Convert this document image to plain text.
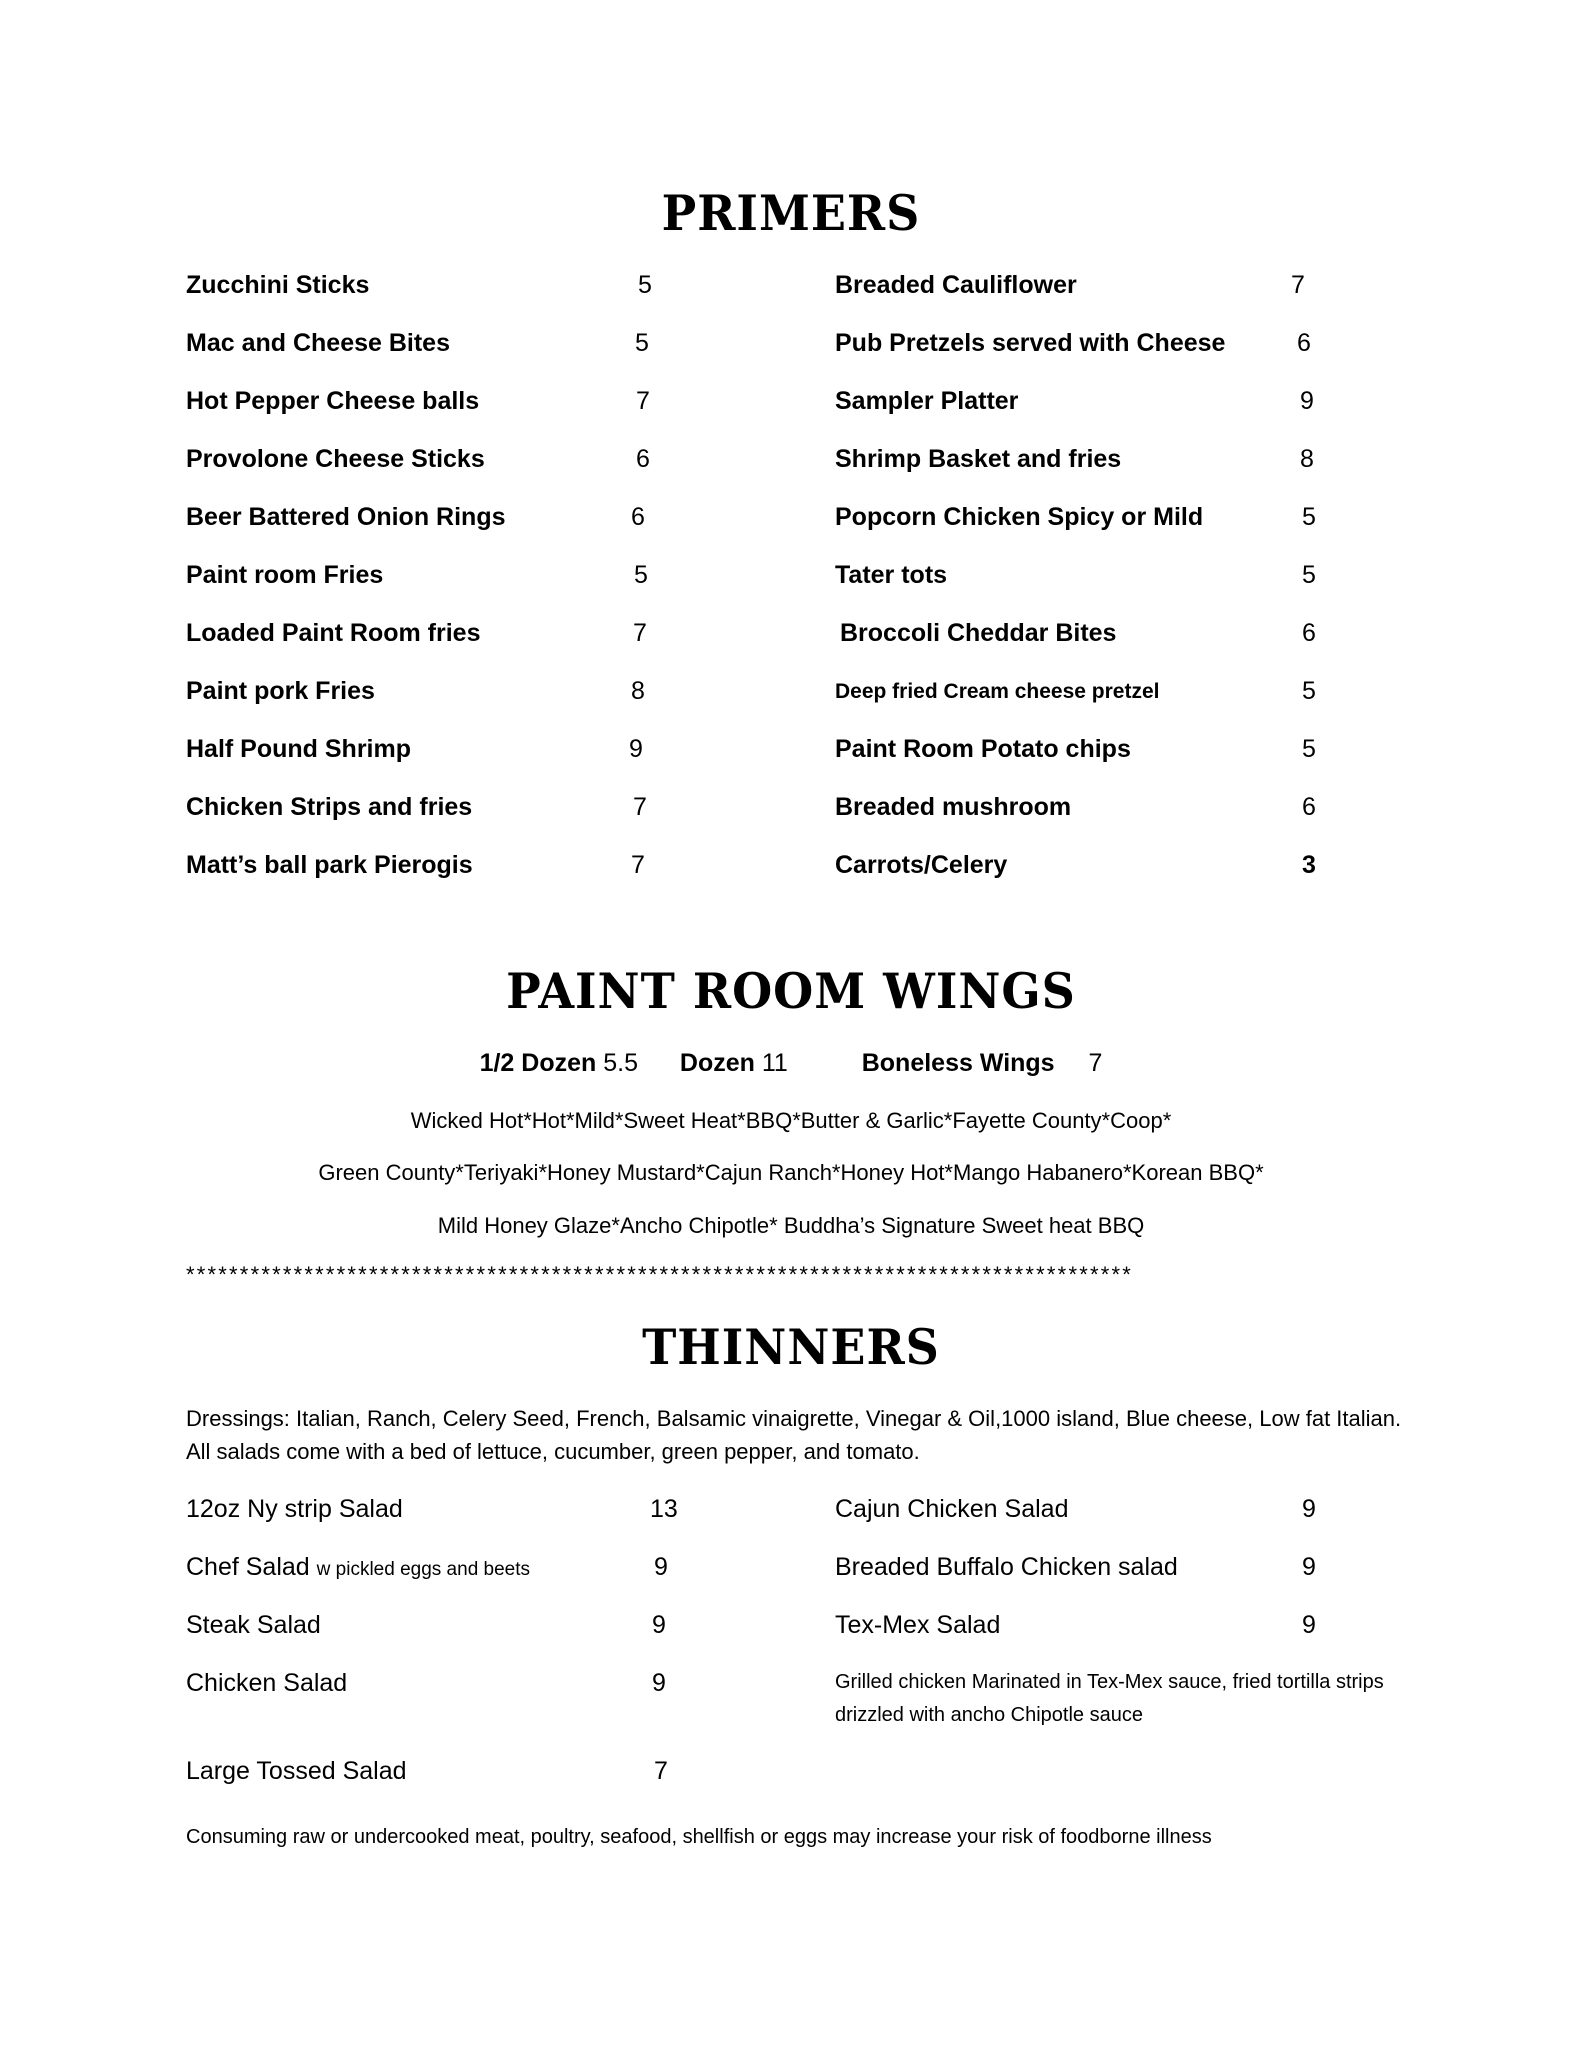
PRIMERS
Zucchini Sticks	5
Mac and Cheese Bites	5
Hot Pepper Cheese balls	7
Provolone Cheese Sticks	6
Beer Battered Onion Rings	6
Paint room Fries	5
Loaded Paint Room fries	7
Paint pork Fries	8
Half Pound Shrimp	9
Chicken Strips and fries	7
Matt’s ball park Pierogis	7
Breaded Cauliflower	7
Pub Pretzels served with Cheese	6
Sampler Platter	9
Shrimp Basket and fries	8
Popcorn Chicken Spicy or Mild	5
Tater tots	5
Broccoli Cheddar Bites	6
Deep fried Cream cheese pretzel	5
Paint Room Potato chips	5
Breaded mushroom	6
Carrots/Celery	3
PAINT ROOM WINGS
1/2 Dozen 5.5 Dozen 11	Boneless Wings 7
Wicked Hot*Hot*Mild*Sweet Heat*BBQ*Butter & Garlic*Fayette County*Coop*
Green County*Teriyaki*Honey Mustard*Cajun Ranch*Honey Hot*Mango Habanero*Korean BBQ*
Mild Honey Glaze*Ancho Chipotle* Buddha’s Signature Sweet heat BBQ
****************************************************************************************
THINNERS
Dressings: Italian, Ranch, Celery Seed, French, Balsamic vinaigrette, Vinegar & Oil,1000 island, Blue cheese, Low fat Italian. All salads come with a bed of lettuce, cucumber, green pepper, and tomato.
12oz Ny strip Salad	13
Chef Salad w pickled eggs and beets	9
Steak Salad	9
Chicken Salad	9
Large Tossed Salad	7
Cajun Chicken Salad	9
Breaded Buffalo Chicken salad	9
Tex-Mex Salad	9
Grilled chicken Marinated in Tex-Mex sauce, fried tortilla strips drizzled with ancho Chipotle sauce
Consuming raw or undercooked meat, poultry, seafood, shellfish or eggs may increase your risk of foodborne illness
